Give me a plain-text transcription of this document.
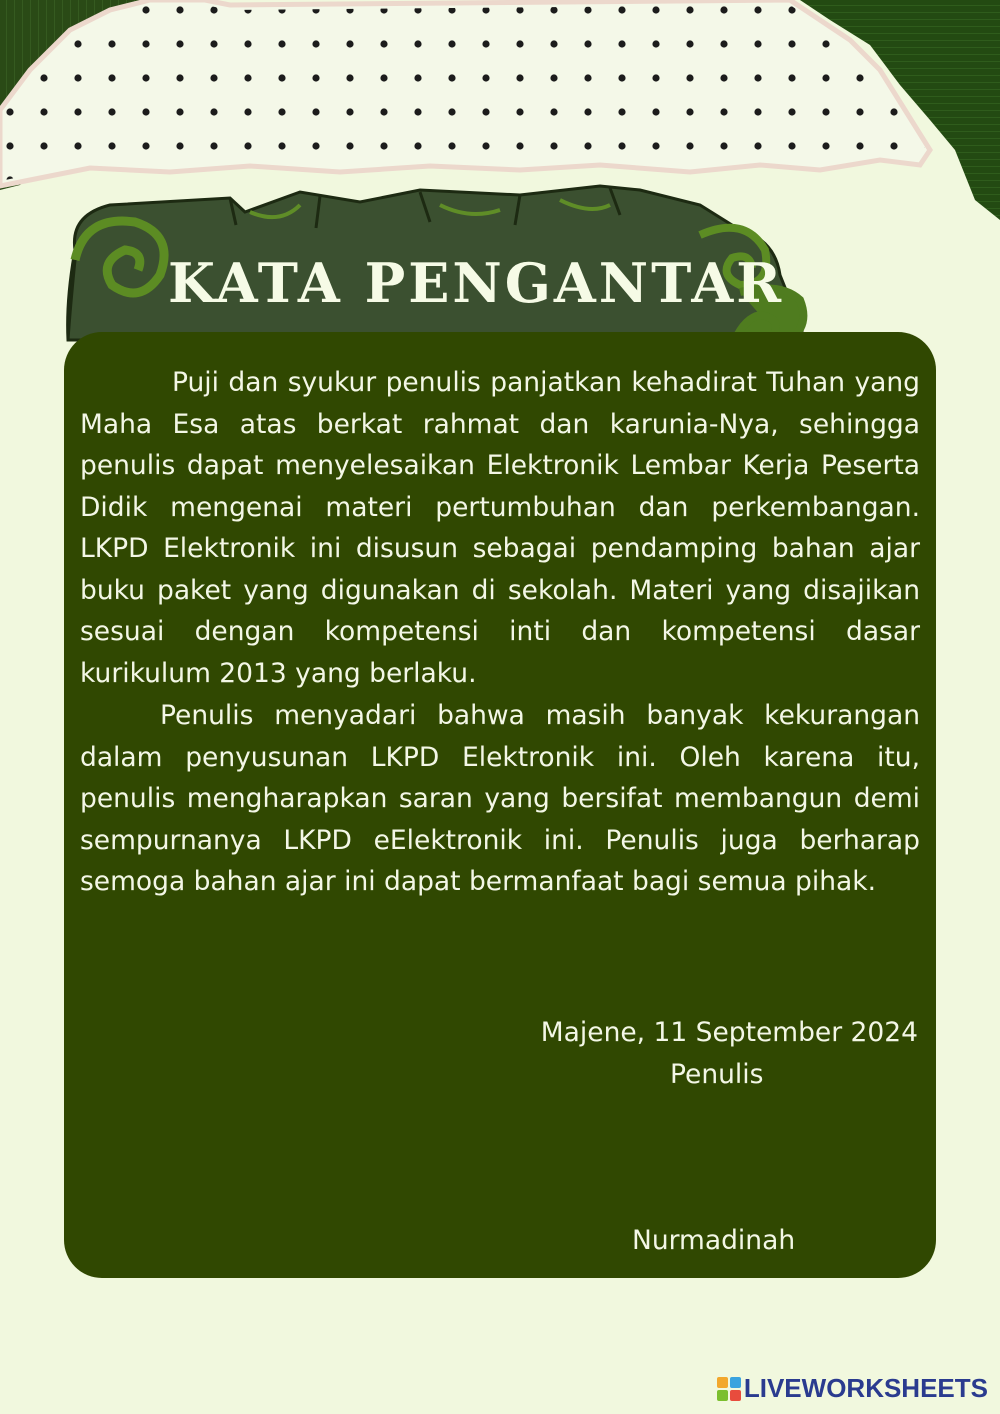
KATA PENGANTAR

Puji dan syukur penulis panjatkan kehadirat Tuhan yang Maha Esa atas berkat rahmat dan karunia-Nya, sehingga penulis dapat menyelesaikan Elektronik Lembar Kerja Peserta Didik mengenai materi pertumbuhan dan perkembangan. LKPD Elektronik ini disusun sebagai pendamping bahan ajar buku paket yang digunakan di sekolah. Materi yang disajikan sesuai dengan kompetensi inti dan kompetensi dasar kurikulum 2013 yang berlaku.

Penulis menyadari bahwa masih banyak kekurangan dalam penyusunan LKPD Elektronik ini. Oleh karena itu, penulis mengharapkan saran yang bersifat membangun demi sempurnanya LKPD eElektronik ini. Penulis juga berharap semoga bahan ajar ini dapat bermanfaat bagi semua pihak.

Majene, 11 September 2024

Penulis

Nurmadinah

LIVEWORKSHEETS
